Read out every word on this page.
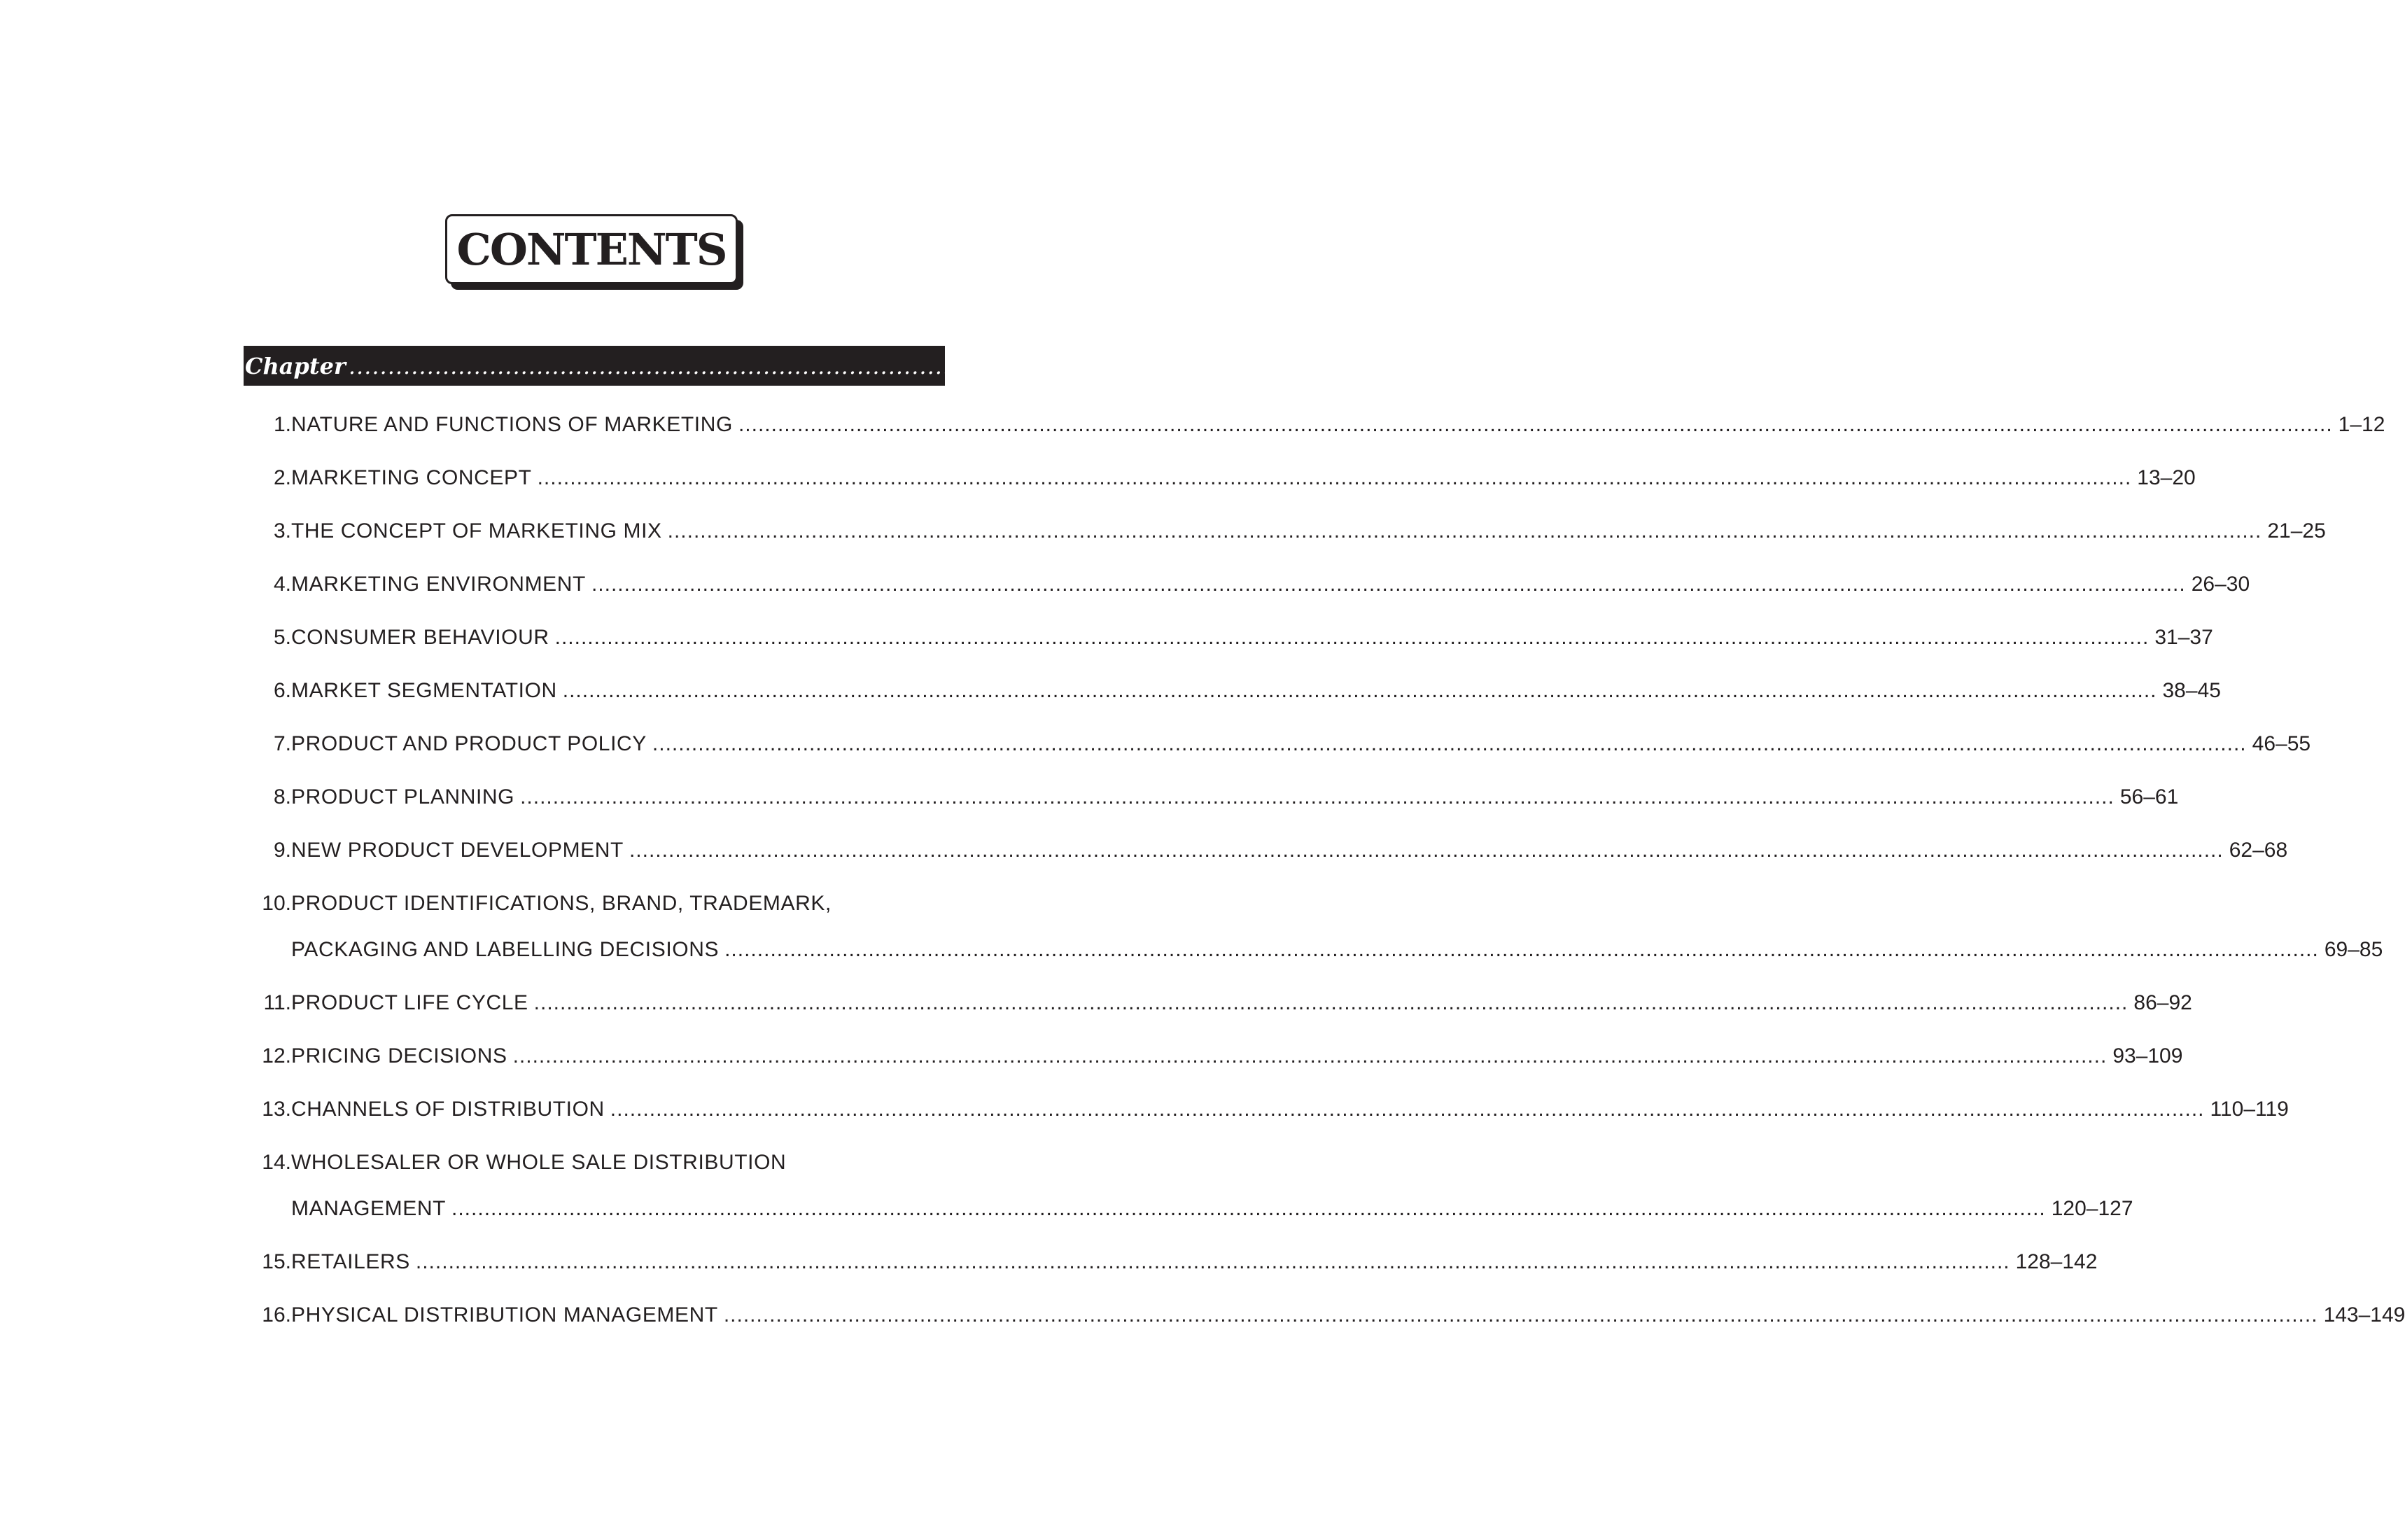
CONTENTS
Chapter .....	Page No.
1. NATURE AND FUNCTIONS OF MARKETING .....	1–12
2. MARKETING CONCEPT .....	13–20
3. THE CONCEPT OF MARKETING MIX .....	21–25
4. MARKETING ENVIRONMENT .....	26–30
5. CONSUMER BEHAVIOUR .....	31–37
6. MARKET SEGMENTATION .....	38–45
7. PRODUCT AND PRODUCT POLICY .....	46–55
8. PRODUCT PLANNING .....	56–61
9. NEW PRODUCT DEVELOPMENT .....	62–68
10. PRODUCT IDENTIFICATIONS, BRAND, TRADEMARK,
PACKAGING AND LABELLING DECISIONS .....	69–85
11. PRODUCT LIFE CYCLE .....	86–92
12. PRICING DECISIONS .....	93–109
13. CHANNELS OF DISTRIBUTION .....	110–119
14. WHOLESALER OR WHOLE SALE DISTRIBUTION
MANAGEMENT .....	120–127
15. RETAILERS .....	128–142
16. PHYSICAL DISTRIBUTION MANAGEMENT .....	143–149
